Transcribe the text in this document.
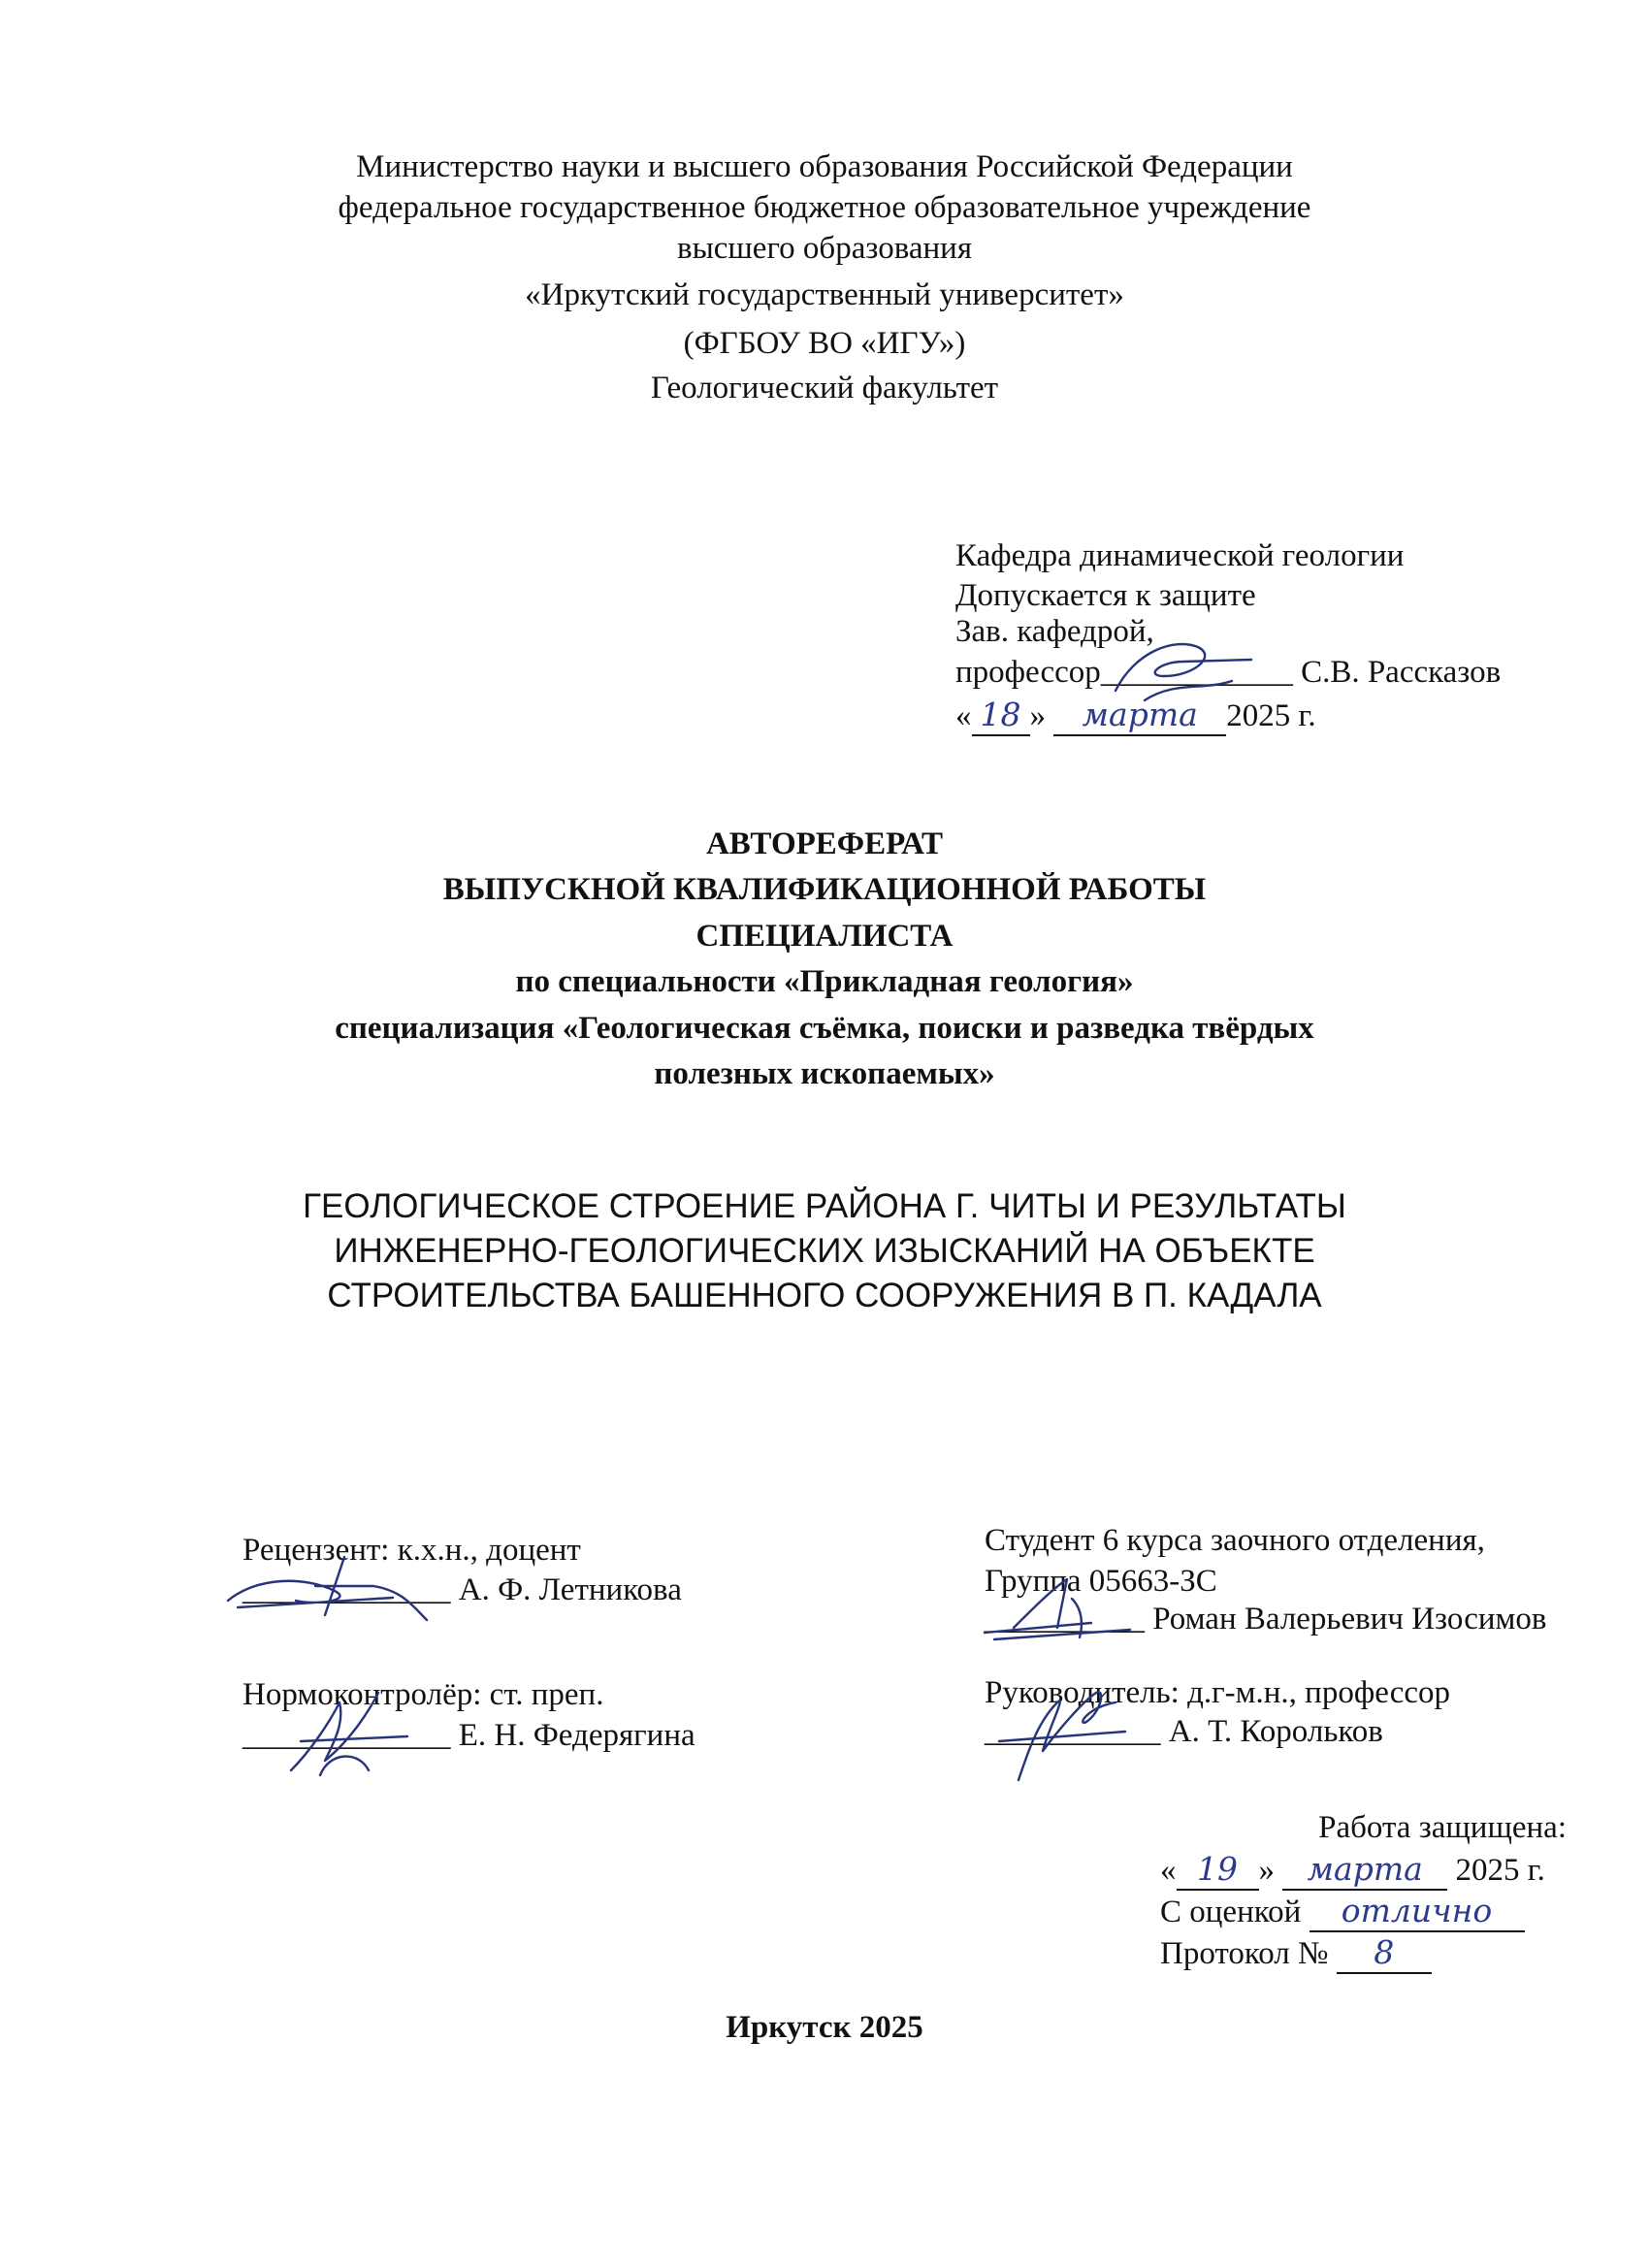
Министерство науки и высшего образования Российской Федерации
федеральное государственное бюджетное образовательное учреждение
высшего образования
«Иркутский государственный университет»
(ФГБОУ ВО «ИГУ»)
Геологический факультет
Кафедра динамической геологии
Допускается к защите
Зав. кафедрой,
профессор____________ С.В. Рассказов
« 18 » марта 2025 г.
АВТОРЕФЕРАТ
ВЫПУСКНОЙ КВАЛИФИКАЦИОННОЙ РАБОТЫ
СПЕЦИАЛИСТА
по специальности «Прикладная геология»
специализация «Геологическая съёмка, поиски и разведка твёрдых
полезных ископаемых»
ГЕОЛОГИЧЕСКОЕ СТРОЕНИЕ РАЙОНА Г. ЧИТЫ И РЕЗУЛЬТАТЫ
ИНЖЕНЕРНО-ГЕОЛОГИЧЕСКИХ ИЗЫСКАНИЙ НА ОБЪЕКТЕ
СТРОИТЕЛЬСТВА БАШЕННОГО СООРУЖЕНИЯ В П. КАДАЛА
Рецензент: к.х.н., доцент
_____________ А. Ф. Летникова
Нормоконтролёр: ст. преп.
_____________ Е. Н. Федерягина
Студент 6 курса заочного отделения,
Группа 05663-ЗС
__________ Роман Валерьевич Изосимов
Руководитель: д.г-м.н., профессор
___________ А. Т. Корольков
Работа защищена:
« 19 » марта 2025 г.
С оценкой отлично
Протокол № 8
Иркутск 2025
